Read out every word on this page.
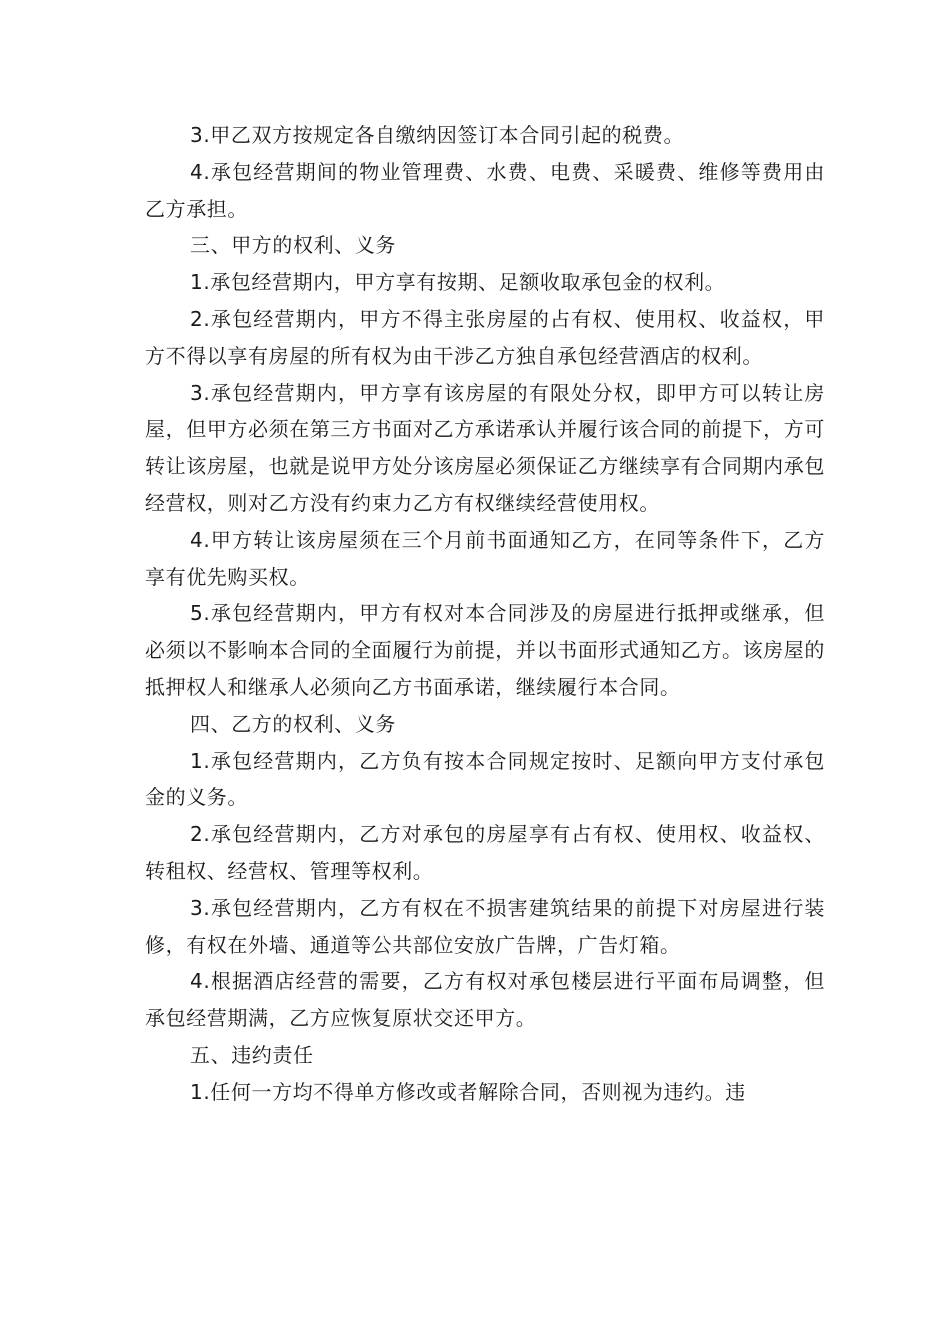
3.甲乙双方按规定各自缴纳因签订本合同引起的税费。

4.承包经营期间的物业管理费、水费、电费、采暖费、维修等费用由乙方承担。

三、甲方的权利、义务

1.承包经营期内，甲方享有按期、足额收取承包金的权利。

2.承包经营期内，甲方不得主张房屋的占有权、使用权、收益权，甲方不得以享有房屋的所有权为由干涉乙方独自承包经营酒店的权利。

3.承包经营期内，甲方享有该房屋的有限处分权，即甲方可以转让房屋，但甲方必须在第三方书面对乙方承诺承认并履行该合同的前提下，方可转让该房屋，也就是说甲方处分该房屋必须保证乙方继续享有合同期内承包经营权，则对乙方没有约束力乙方有权继续经营使用权。

4.甲方转让该房屋须在三个月前书面通知乙方，在同等条件下，乙方享有优先购买权。

5.承包经营期内，甲方有权对本合同涉及的房屋进行抵押或继承，但必须以不影响本合同的全面履行为前提，并以书面形式通知乙方。该房屋的抵押权人和继承人必须向乙方书面承诺，继续履行本合同。

四、乙方的权利、义务

1.承包经营期内，乙方负有按本合同规定按时、足额向甲方支付承包金的义务。

2.承包经营期内，乙方对承包的房屋享有占有权、使用权、收益权、转租权、经营权、管理等权利。

3.承包经营期内，乙方有权在不损害建筑结果的前提下对房屋进行装修，有权在外墙、通道等公共部位安放广告牌，广告灯箱。

4.根据酒店经营的需要，乙方有权对承包楼层进行平面布局调整，但承包经营期满，乙方应恢复原状交还甲方。

五、违约责任

1.任何一方均不得单方修改或者解除合同，否则视为违约。违
